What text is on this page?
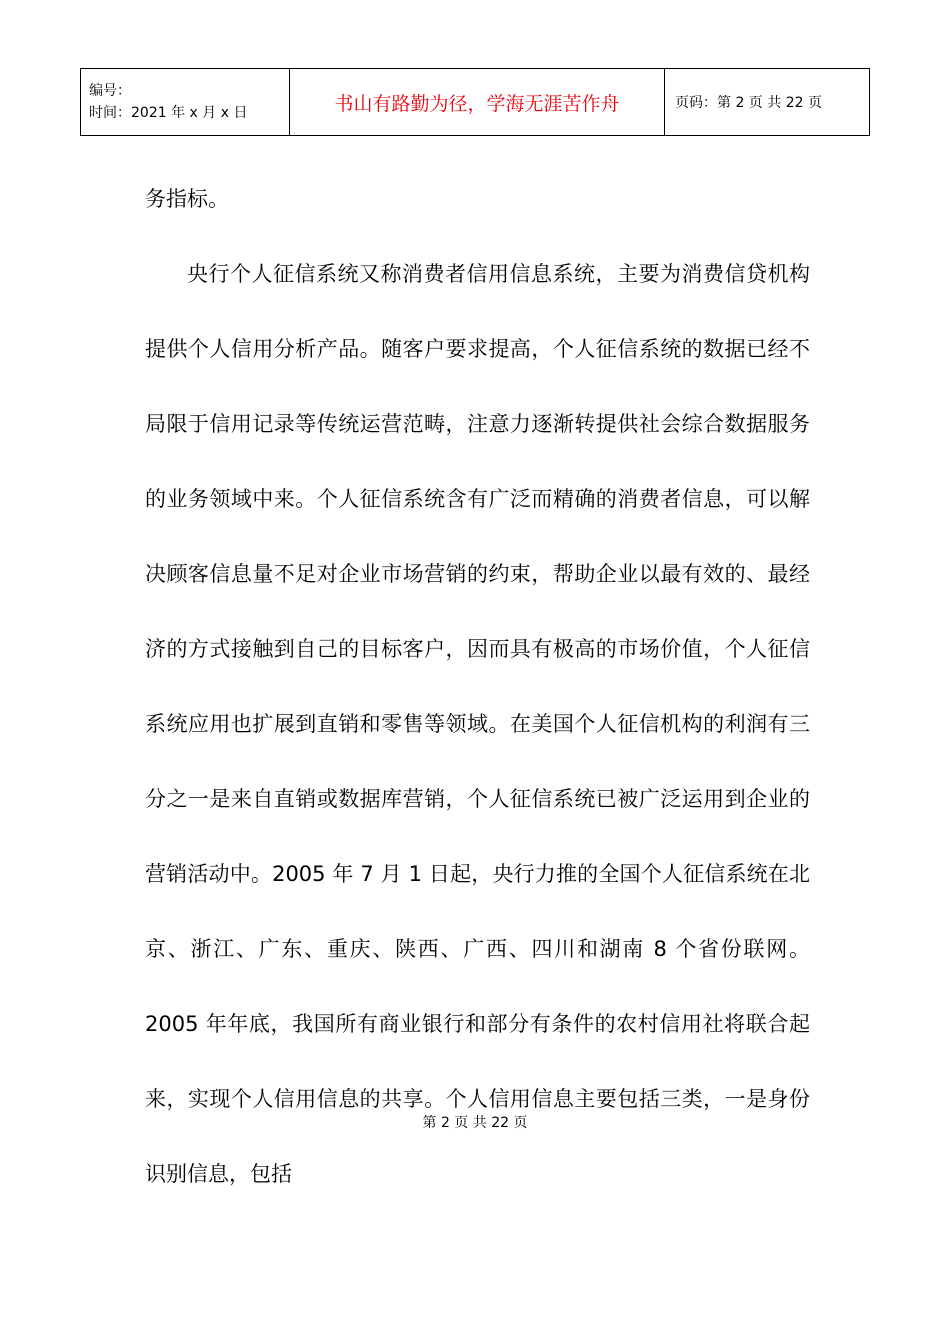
编号：
时间：2021 年 x 月 x 日	书山有路勤为径，学海无涯苦作舟	页码：第 2 页 共 22 页

务指标。

央行个人征信系统又称消费者信用信息系统，主要为消费信贷机构提供个人信用分析产品。随客户要求提高，个人征信系统的数据已经不局限于信用记录等传统运营范畴，注意力逐渐转提供社会综合数据服务的业务领域中来。个人征信系统含有广泛而精确的消费者信息，可以解决顾客信息量不足对企业市场营销的约束，帮助企业以最有效的、最经济的方式接触到自己的目标客户，因而具有极高的市场价值，个人征信系统应用也扩展到直销和零售等领域。在美国个人征信机构的利润有三分之一是来自直销或数据库营销，个人征信系统已被广泛运用到企业的营销活动中。2005 年 7 月 1 日起，央行力推的全国个人征信系统在北京、浙江、广东、重庆、陕西、广西、四川和湖南 8 个省份联网。2005 年年底，我国所有商业银行和部分有条件的农村信用社将联合起来，实现个人信用信息的共享。个人信用信息主要包括三类，一是身份识别信息，包括

第 2 页 共 22 页
